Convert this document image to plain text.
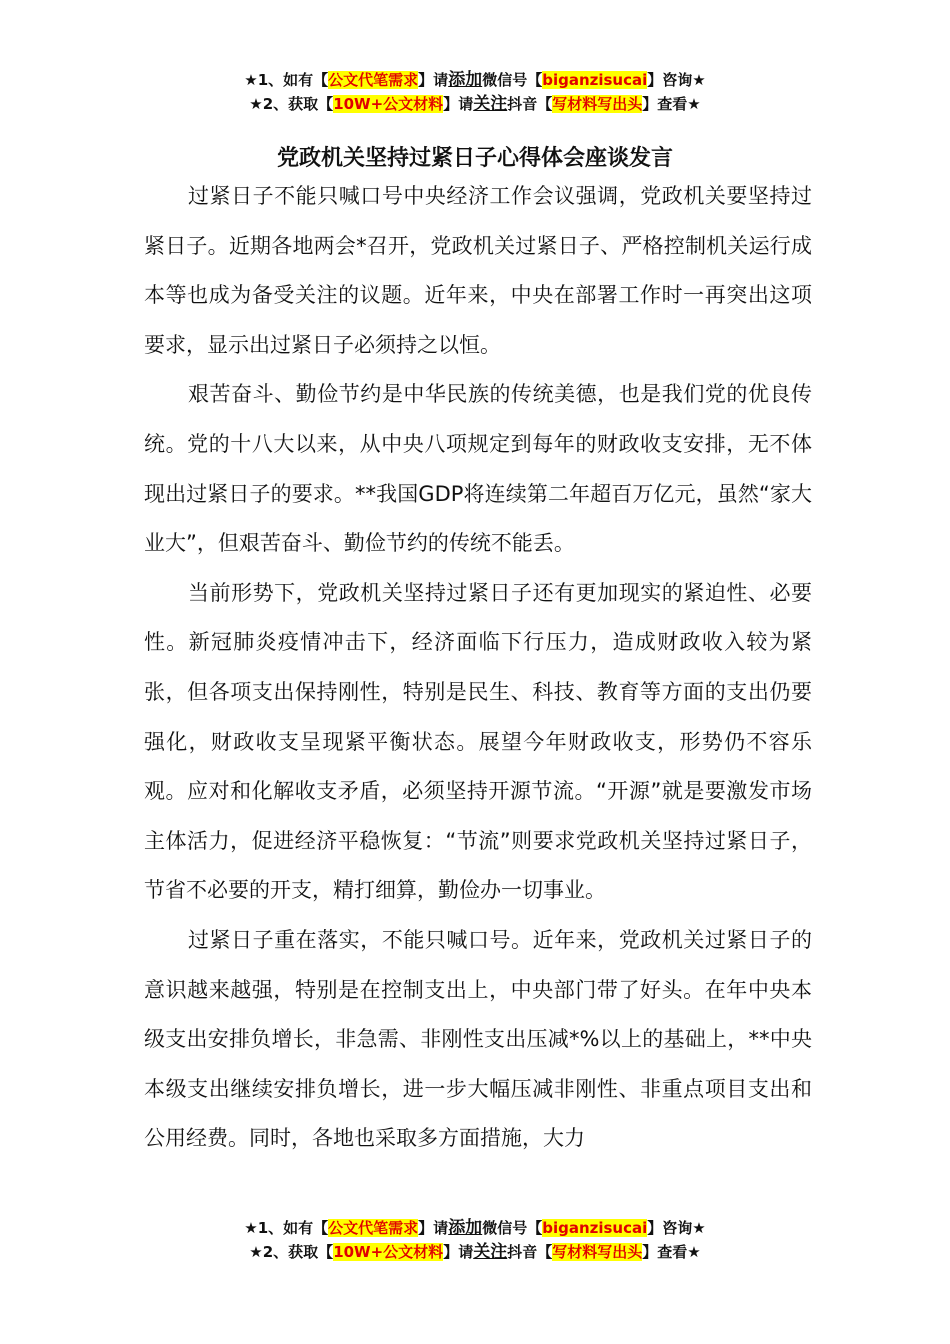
★1、如有【公文代笔需求】请添加微信号【biganzisucai】咨询★
★2、获取【10W+公文材料】请关注抖音【写材料写出头】查看★
党政机关坚持过紧日子心得体会座谈发言

过紧日子不能只喊口号中央经济工作会议强调，党政机关要坚持过紧日子。近期各地两会*召开，党政机关过紧日子、严格控制机关运行成本等也成为备受关注的议题。近年来，中央在部署工作时一再突出这项要求，显示出过紧日子必须持之以恒。

艰苦奋斗、勤俭节约是中华民族的传统美德，也是我们党的优良传统。党的十八大以来，从中央八项规定到每年的财政收支安排，无不体现出过紧日子的要求。**我国GDP将连续第二年超百万亿元，虽然“家大业大”，但艰苦奋斗、勤俭节约的传统不能丢。

当前形势下，党政机关坚持过紧日子还有更加现实的紧迫性、必要性。新冠肺炎疫情冲击下，经济面临下行压力，造成财政收入较为紧张，但各项支出保持刚性，特别是民生、科技、教育等方面的支出仍要强化，财政收支呈现紧平衡状态。展望今年财政收支，形势仍不容乐观。应对和化解收支矛盾，必须坚持开源节流。“开源”就是要激发市场主体活力，促进经济平稳恢复：“节流”则要求党政机关坚持过紧日子，节省不必要的开支，精打细算，勤俭办一切事业。

过紧日子重在落实，不能只喊口号。近年来，党政机关过紧日子的意识越来越强，特别是在控制支出上，中央部门带了好头。在年中央本级支出安排负增长，非急需、非刚性支出压减*%以上的基础上，**中央本级支出继续安排负增长，进一步大幅压减非刚性、非重点项目支出和公用经费。同时，各地也采取多方面措施，大力

★1、如有【公文代笔需求】请添加微信号【biganzisucai】咨询★
★2、获取【10W+公文材料】请关注抖音【写材料写出头】查看★
